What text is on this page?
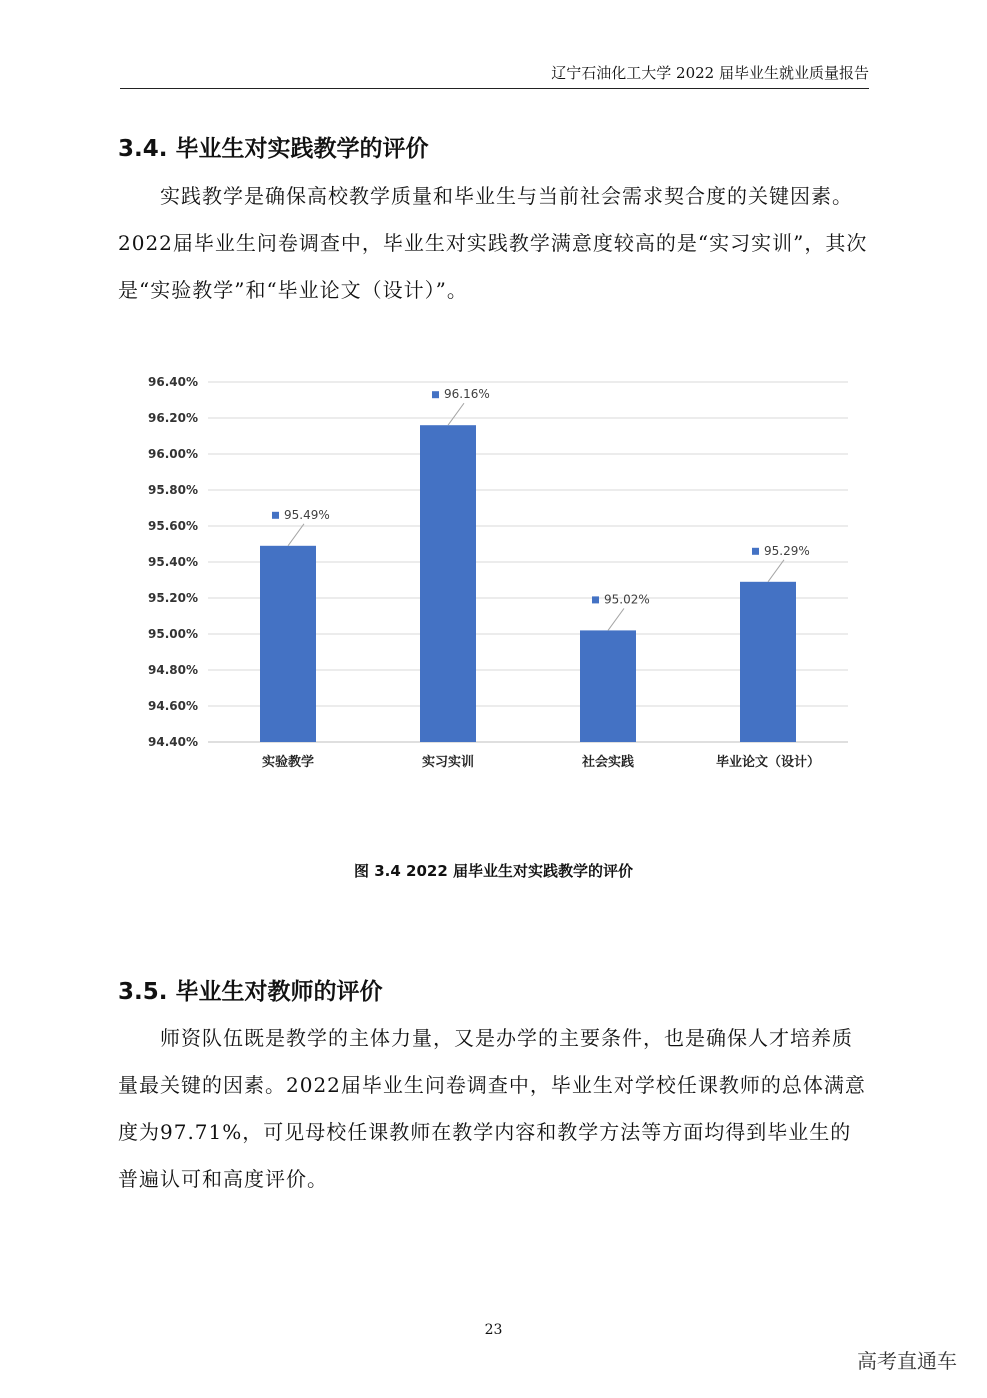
辽宁石油化工大学 2022 届毕业生就业质量报告
3.4. 毕业生对实践教学的评价

实践教学是确保高校教学质量和毕业生与当前社会需求契合度的关键因素。2022届毕业生问卷调查中，毕业生对实践教学满意度较高的是“实习实训”，其次是“实验教学”和“毕业论文（设计）”。

96.40%
96.20%
96.00%
95.80%
95.60%
95.40%
95.20%
95.00%
94.80%
94.60%
94.40%
实验教学
95.49%
实习实训
96.16%
社会实践
95.02%
毕业论文（设计）
95.29%
图 3.4 2022 届毕业生对实践教学的评价
3.5. 毕业生对教师的评价

师资队伍既是教学的主体力量，又是办学的主要条件，也是确保人才培养质量最关键的因素。2022届毕业生问卷调查中，毕业生对学校任课教师的总体满意度为97.71%，可见母校任课教师在教学内容和教学方法等方面均得到毕业生的普遍认可和高度评价。

23
高考直通车
